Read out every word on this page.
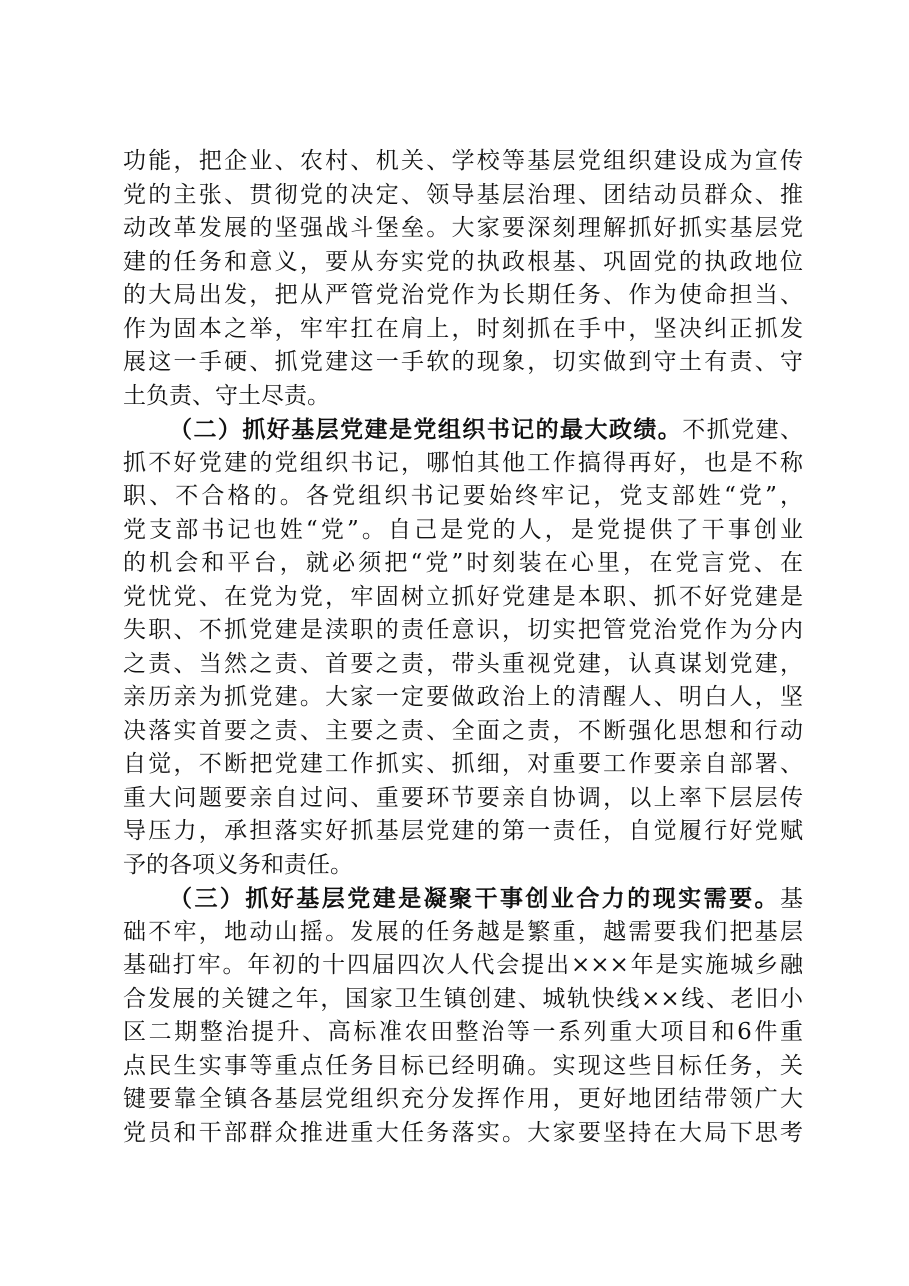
功能，把企业、农村、机关、学校等基层党组织建设成为宣传
党的主张、贯彻党的决定、领导基层治理、团结动员群众、推
动改革发展的坚强战斗堡垒。大家要深刻理解抓好抓实基层党
建的任务和意义，要从夯实党的执政根基、巩固党的执政地位
的大局出发，把从严管党治党作为长期任务、作为使命担当、
作为固本之举，牢牢扛在肩上，时刻抓在手中，坚决纠正抓发
展这一手硬、抓党建这一手软的现象，切实做到守土有责、守
土负责、守土尽责。
（二）抓好基层党建是党组织书记的最大政绩。不抓党建、
抓不好党建的党组织书记，哪怕其他工作搞得再好，也是不称
职、不合格的。各党组织书记要始终牢记，党支部姓“党”，
党支部书记也姓“党”。自己是党的人，是党提供了干事创业
的机会和平台，就必须把“党”时刻装在心里，在党言党、在
党忧党、在党为党，牢固树立抓好党建是本职、抓不好党建是
失职、不抓党建是渎职的责任意识，切实把管党治党作为分内
之责、当然之责、首要之责，带头重视党建，认真谋划党建，
亲历亲为抓党建。大家一定要做政治上的清醒人、明白人，坚
决落实首要之责、主要之责、全面之责，不断强化思想和行动
自觉，不断把党建工作抓实、抓细，对重要工作要亲自部署、
重大问题要亲自过问、重要环节要亲自协调，以上率下层层传
导压力，承担落实好抓基层党建的第一责任，自觉履行好党赋
予的各项义务和责任。
（三）抓好基层党建是凝聚干事创业合力的现实需要。基
础不牢，地动山摇。发展的任务越是繁重，越需要我们把基层
基础打牢。年初的十四届四次人代会提出×××年是实施城乡融
合发展的关键之年，国家卫生镇创建、城轨快线××线、老旧小
区二期整治提升、高标准农田整治等一系列重大项目和6件重
点民生实事等重点任务目标已经明确。实现这些目标任务，关
键要靠全镇各基层党组织充分发挥作用，更好地团结带领广大
党员和干部群众推进重大任务落实。大家要坚持在大局下思考
